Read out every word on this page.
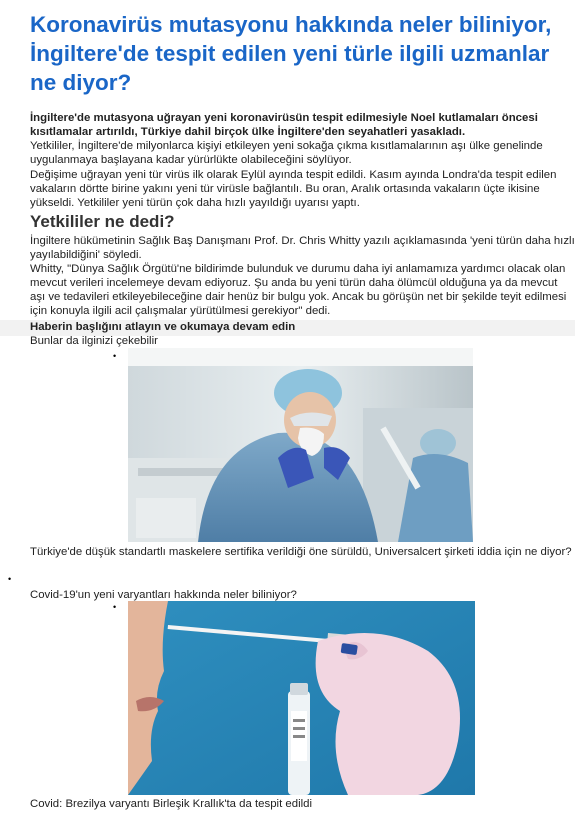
Koronavirüs mutasyonu hakkında neler biliniyor, İngiltere'de tespit edilen yeni türle ilgili uzmanlar ne diyor?
İngiltere'de mutasyona uğrayan yeni koronavirüsün tespit edilmesiyle Noel kutlamaları öncesi kısıtlamalar artırıldı, Türkiye dahil birçok ülke İngiltere'den seyahatleri yasakladı.
Yetkililer, İngiltere'de milyonlarca kişiyi etkileyen yeni sokağa çıkma kısıtlamalarının aşı ülke genelinde uygulanmaya başlayana kadar yürürlükte olabileceğini söylüyor.
Değişime uğrayan yeni tür virüs ilk olarak Eylül ayında tespit edildi. Kasım ayında Londra'da tespit edilen vakaların dörtte birine yakını yeni tür virüsle bağlantılı. Bu oran, Aralık ortasında vakaların üçte ikisine yükseldi. Yetkililer yeni türün çok daha hızlı yayıldığı uyarısı yaptı.
Yetkililer ne dedi?
İngiltere hükümetinin Sağlık Baş Danışmanı Prof. Dr. Chris Whitty yazılı açıklamasında 'yeni türün daha hızlı yayılabildiğini' söyledi.
Whitty, "Dünya Sağlık Örgütü'ne bildirimde bulunduk ve durumu daha iyi anlamamıza yardımcı olacak olan mevcut verileri incelemeye devam ediyoruz. Şu anda bu yeni türün daha ölümcül olduğuna ya da mevcut aşı ve tedavileri etkileyebileceğine dair henüz bir bulgu yok. Ancak bu görüşün net bir şekilde teyit edilmesi için konuyla ilgili acil çalışmalar yürütülmesi gerekiyor" dedi.
Haberin başlığını atlayın ve okumaya devam edin
Bunlar da ilginizi çekebilir
•
Türkiye'de düşük standartlı maskelere sertifika verildiği öne sürüldü, Universalcert şirketi iddia için ne diyor?
•
Covid-19'un yeni varyantları hakkında neler biliniyor?
•
Covid: Brezilya varyantı Birleşik Krallık'ta da tespit edildi
